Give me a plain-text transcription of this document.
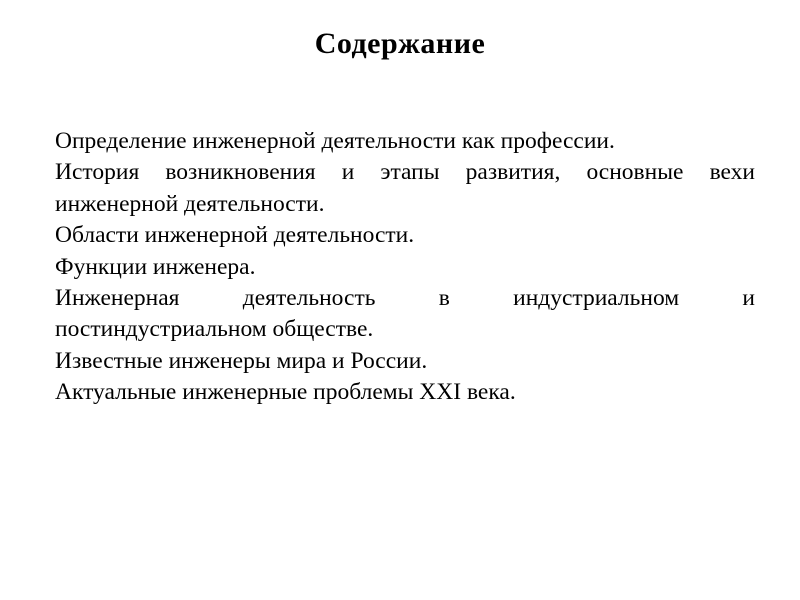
Содержание
Определение инженерной деятельности как профессии.
История возникновения и этапы развития, основные вехи
инженерной деятельности.
Области инженерной деятельности.
Функции инженера.
Инженерная деятельность в индустриальном и
постиндустриальном обществе.
Известные инженеры мира и России.
Актуальные инженерные проблемы XXI века.
